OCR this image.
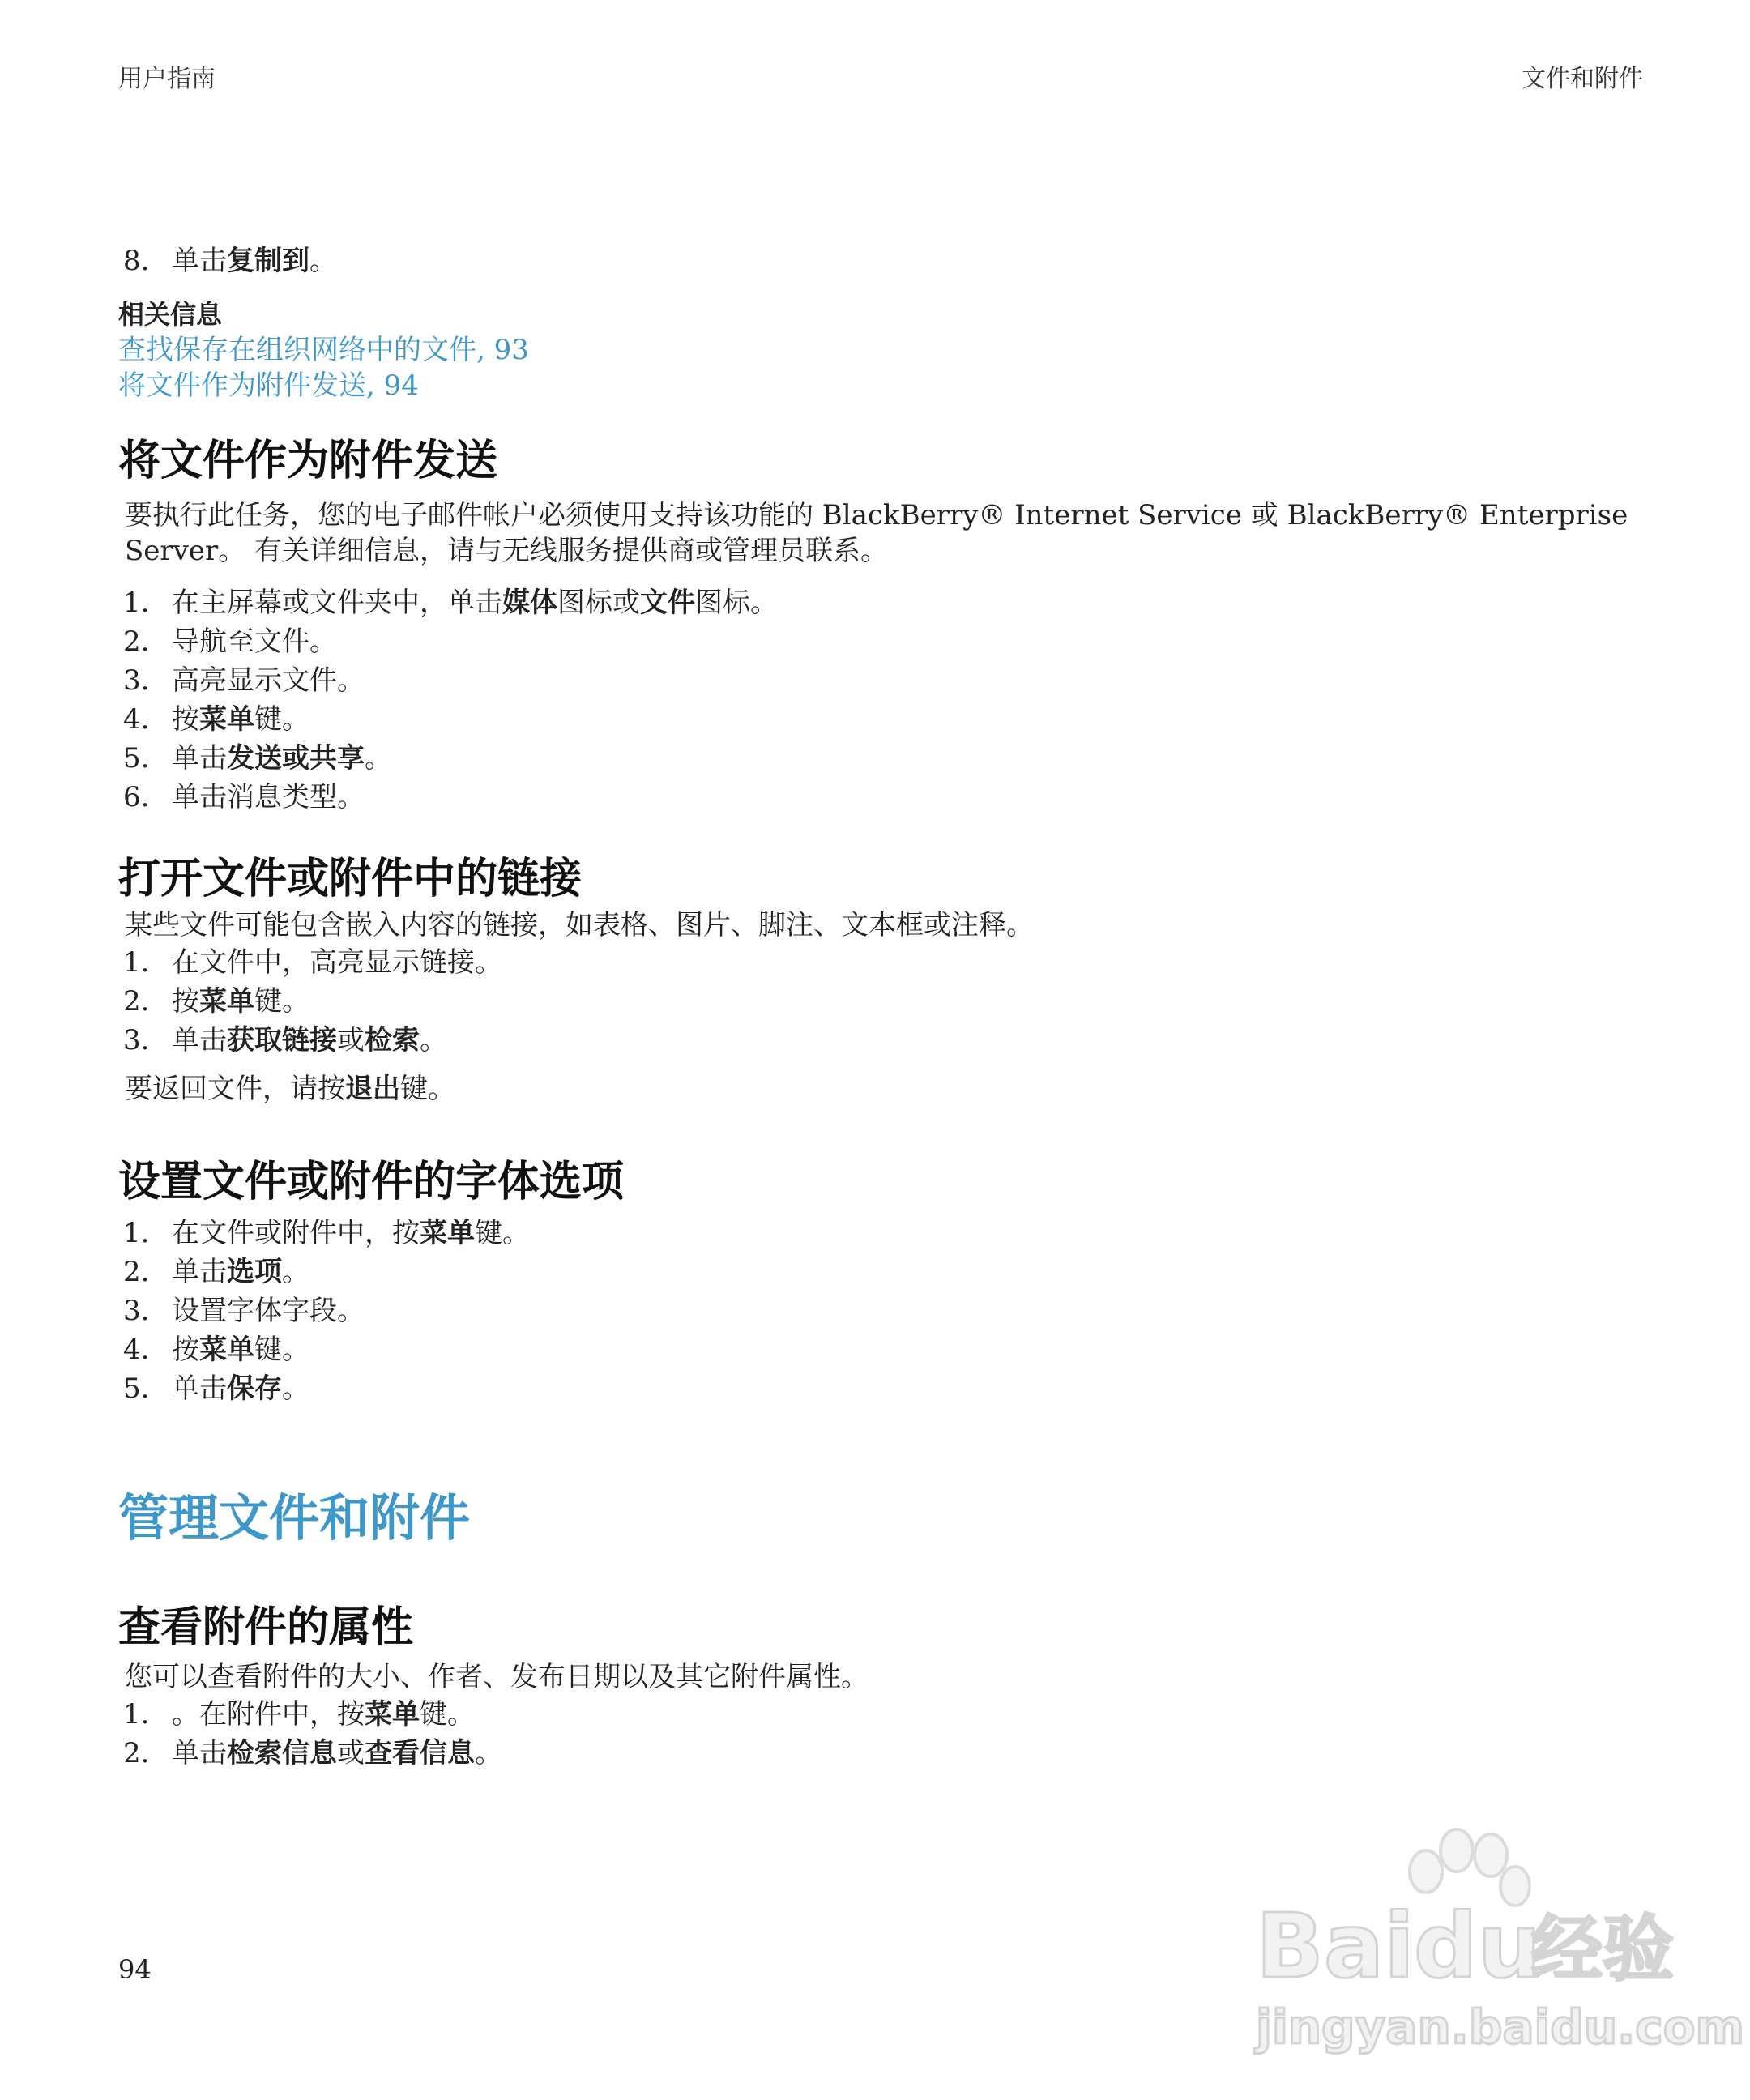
用户指南	文件和附件
8. 单击复制到。
相关信息
查找保存在组织网络中的文件, 93
将文件作为附件发送, 94
将文件作为附件发送
要执行此任务，您的电子邮件帐户必须使用支持该功能的 BlackBerry® Internet Service 或 BlackBerry® Enterprise
Server。 有关详细信息，请与无线服务提供商或管理员联系。
1. 在主屏幕或文件夹中，单击媒体图标或文件图标。
2. 导航至文件。
3. 高亮显示文件。
4. 按菜单键。
5. 单击发送或共享。
6. 单击消息类型。
打开文件或附件中的链接
某些文件可能包含嵌入内容的链接，如表格、图片、脚注、文本框或注释。
1. 在文件中，高亮显示链接。
2. 按菜单键。
3. 单击获取链接或检索。
要返回文件，请按退出键。
设置文件或附件的字体选项
1. 在文件或附件中，按菜单键。
2. 单击选项。
3. 设置字体字段。
4. 按菜单键。
5. 单击保存。
管理文件和附件
查看附件的属性
您可以查看附件的大小、作者、发布日期以及其它附件属性。
1. 。在附件中，按菜单键。
2. 单击检索信息或查看信息。
94	Bai du
经验
jingyan.baidu.com
